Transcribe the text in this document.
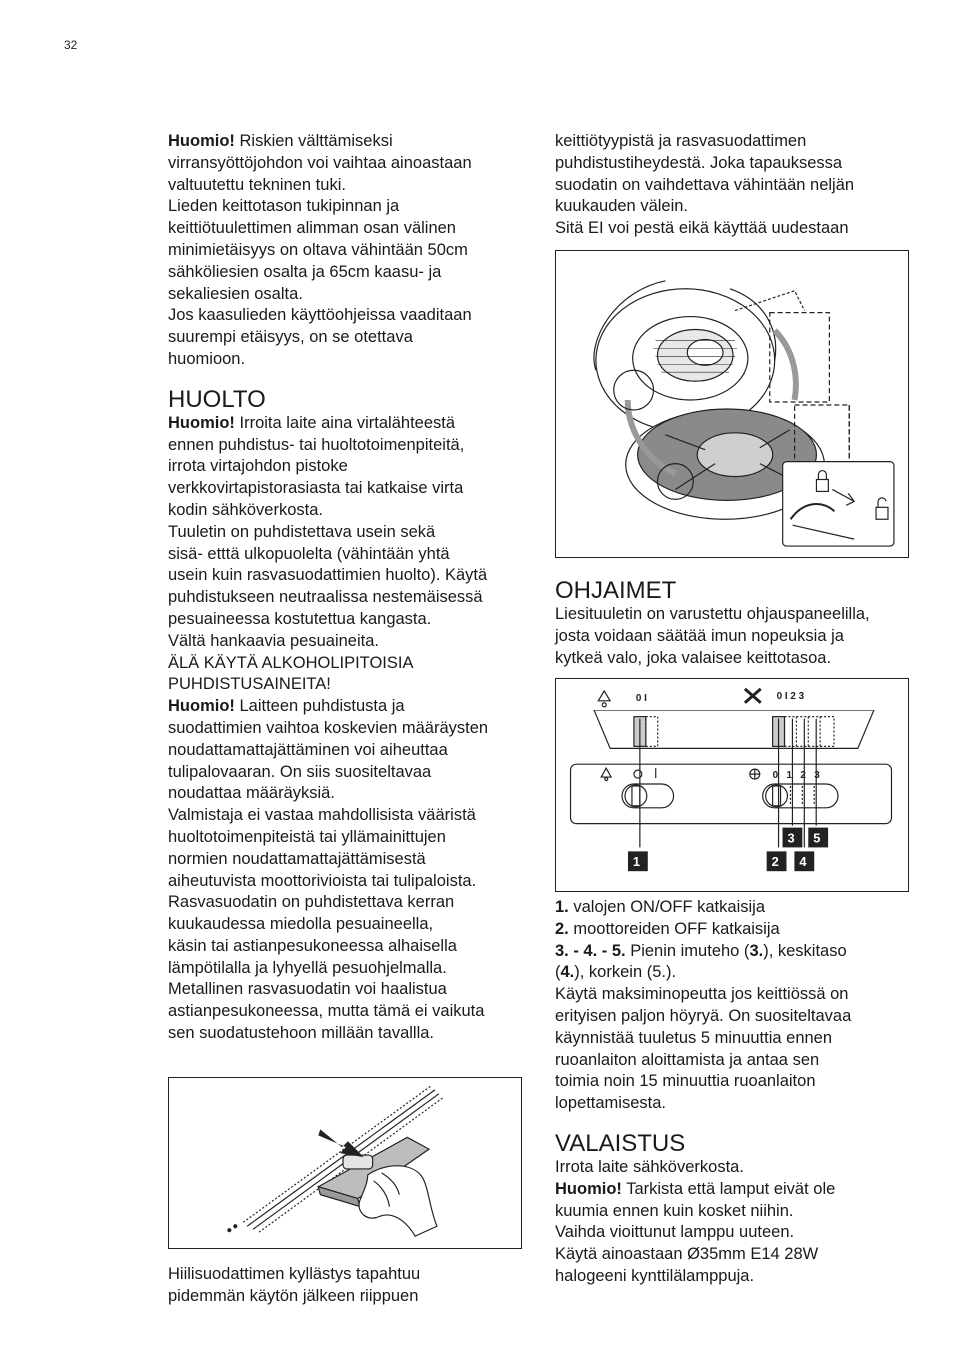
32
Huomio! Riskien välttämiseksi
virransyöttöjohdon voi vaihtaa ainoastaan
valtuutettu tekninen tuki.
Lieden keittotason tukipinnan ja
keittiötuulettimen alimman osan välinen
minimietäisyys on oltava vähintään 50cm
sähköliesien osalta ja 65cm kaasu- ja
sekaliesien osalta.
Jos kaasulieden käyttöohjeissa vaaditaan
suurempi etäisyys, on se otettava
huomioon.
HUOLTO
Huomio! Irroita laite aina virtalähteestä
ennen puhdistus- tai huoltotoimenpiteitä,
irrota virtajohdon pistoke
verkkovirtapistorasiasta tai katkaise virta
kodin sähköverkosta.
Tuuletin on puhdistettava usein sekä
sisä- etttä ulkopuolelta (vähintään yhtä
usein kuin rasvasuodattimien huolto). Käytä
puhdistukseen neutraalissa nestemäisessä
pesuaineessa kostutettua kangasta.
Vältä hankaavia pesuaineita.
ÄLÄ KÄYTÄ ALKOHOLIPITOISIA
PUHDISTUSAINEITA!
Huomio! Laitteen puhdistusta ja
suodattimien vaihtoa koskevien määräysten
noudattamattajättäminen voi aiheuttaa
tulipalovaaran. On siis suositeltavaa
noudattaa määräyksiä.
Valmistaja ei vastaa mahdollisista vääristä
huoltotoimenpiteistä tai yllämainittujen
normien noudattamattajättämisestä
aiheutuvista moottorivioista tai tulipaloista.
Rasvasuodatin on puhdistettava kerran
kuukaudessa miedolla pesuaineella,
käsin tai astianpesukoneessa alhaisella
lämpötilalla ja lyhyellä pesuohjelmalla.
Metallinen rasvasuodatin voi haalistua
astianpesukoneessa, mutta tämä ei vaikuta
sen suodatustehoon millään tavallla.
Hiilisuodattimen kyllästys tapahtuu
pidemmän käytön jälkeen riippuen
keittiötyypistä ja rasvasuodattimen
puhdistustiheydestä. Joka tapauksessa
suodatin on vaihdettava vähintään neljän
kuukauden välein.
Sitä EI voi pestä eikä käyttää uudestaan
OHJAIMET
Liesituuletin on varustettu ohjauspaneelilla,
josta voidaan säätää imun nopeuksia ja
kytkeä valo, joka valaisee keittotasoa.
0 I	0 I 2 3
0 1 2 3
1	2
3
4
5
1. valojen ON/OFF katkaisija
2. moottoreiden OFF katkaisija
3. - 4. - 5. Pienin imuteho (3.), keskitaso
(4.), korkein (5.).
Käytä maksiminopeutta jos keittiössä on
erityisen paljon höyryä. On suositeltavaa
käynnistää tuuletus 5 minuuttia ennen
ruoanlaiton aloittamista ja antaa sen
toimia noin 15 minuuttia ruoanlaiton
lopettamisesta.
VALAISTUS
Irrota laite sähköverkosta.
Huomio! Tarkista että lamput eivät ole
kuumia ennen kuin kosket niihin.
Vaihda vioittunut lamppu uuteen.
Käytä ainoastaan Ø35mm E14 28W
halogeeni kynttilälamppuja.
